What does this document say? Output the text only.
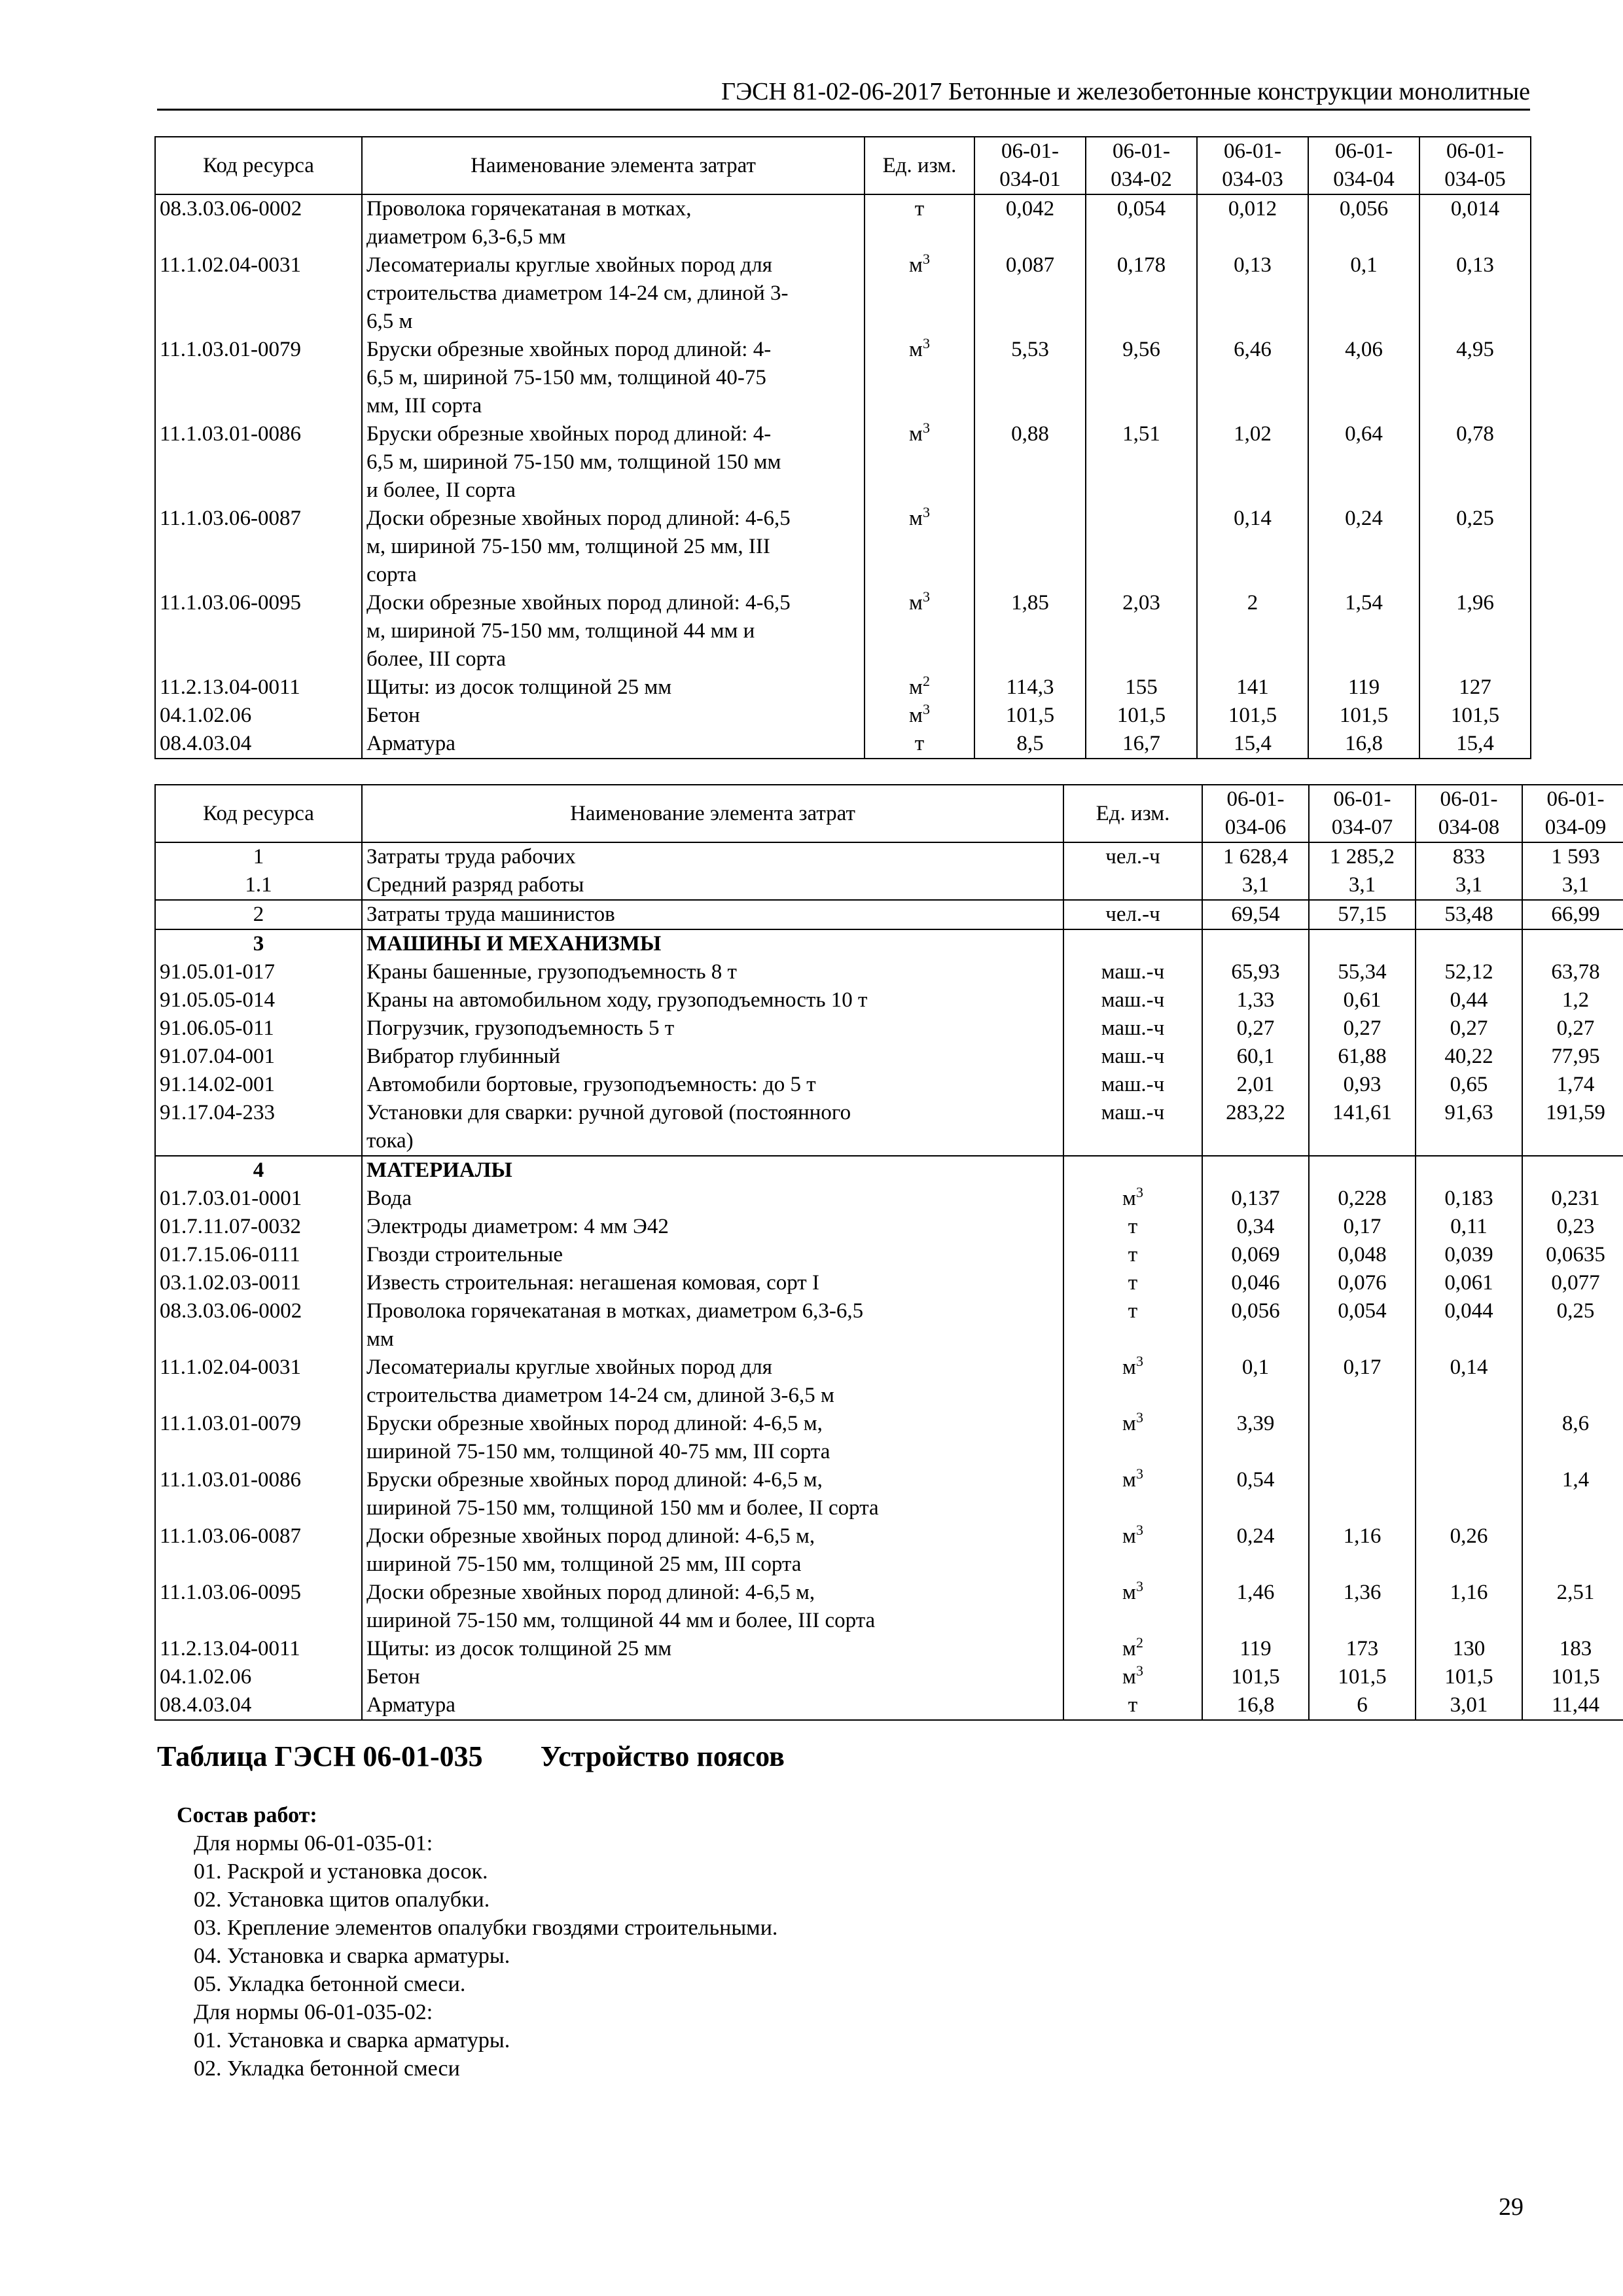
ГЭСН 81-02-06-2017 Бетонные и железобетонные конструкции монолитные
Код ресурса	Наименование элемента затрат	Ед. изм.	06-01-
034-01	06-01-
034-02	06-01-
034-03	06-01-
034-04	06-01-
034-05
08.3.03.06-0002	Проволока горячекатаная в мотках,
диаметром 6,3-6,5 мм	т	0,042	0,054	0,012	0,056	0,014
11.1.02.04-0031	Лесоматериалы круглые хвойных пород для
строительства диаметром 14-24 см, длиной 3-
6,5 м	$м^3$	0,087	0,178	0,13	0,1	0,13
11.1.03.01-0079	Бруски обрезные хвойных пород длиной: 4-
6,5 м, шириной 75-150 мм, толщиной 40-75
мм, III сорта	$м^3$	5,53	9,56	6,46	4,06	4,95
11.1.03.01-0086	Бруски обрезные хвойных пород длиной: 4-
6,5 м, шириной 75-150 мм, толщиной 150 мм
и более, II сорта	$м^3$	0,88	1,51	1,02	0,64	0,78
11.1.03.06-0087	Доски обрезные хвойных пород длиной: 4-6,5
м, шириной 75-150 мм, толщиной 25 мм, III
сорта	$м^3$			0,14	0,24	0,25
11.1.03.06-0095	Доски обрезные хвойных пород длиной: 4-6,5
м, шириной 75-150 мм, толщиной 44 мм и
более, III сорта	$м^3$	1,85	2,03	2	1,54	1,96
11.2.13.04-0011	Щиты: из досок толщиной 25 мм	$м^2$	114,3	155	141	119	127
04.1.02.06	Бетон	$м^3$	101,5	101,5	101,5	101,5	101,5
08.4.03.04	Арматура	т	8,5	16,7	15,4	16,8	15,4
Код ресурса	Наименование элемента затрат	Ед. изм.	06-01-
034-06	06-01-
034-07	06-01-
034-08	06-01-
034-09
1	Затраты труда рабочих	чел.-ч	1 628,4	1 285,2	833	1 593
1.1	Средний разряд работы		3,1	3,1	3,1	3,1
2	Затраты труда машинистов	чел.-ч	69,54	57,15	53,48	66,99
3	МАШИНЫ И МЕХАНИЗМЫ					
91.05.01-017	Краны башенные, грузоподъемность 8 т	маш.-ч	65,93	55,34	52,12	63,78
91.05.05-014	Краны на автомобильном ходу, грузоподъемность 10 т	маш.-ч	1,33	0,61	0,44	1,2
91.06.05-011	Погрузчик, грузоподъемность 5 т	маш.-ч	0,27	0,27	0,27	0,27
91.07.04-001	Вибратор глубинный	маш.-ч	60,1	61,88	40,22	77,95
91.14.02-001	Автомобили бортовые, грузоподъемность: до 5 т	маш.-ч	2,01	0,93	0,65	1,74
91.17.04-233	Установки для сварки: ручной дуговой (постоянного
тока)	маш.-ч	283,22	141,61	91,63	191,59
4	МАТЕРИАЛЫ					
01.7.03.01-0001	Вода	$м^3$	0,137	0,228	0,183	0,231
01.7.11.07-0032	Электроды диаметром: 4 мм Э42	т	0,34	0,17	0,11	0,23
01.7.15.06-0111	Гвозди строительные	т	0,069	0,048	0,039	0,0635
03.1.02.03-0011	Известь строительная: негашеная комовая, сорт I	т	0,046	0,076	0,061	0,077
08.3.03.06-0002	Проволока горячекатаная в мотках, диаметром 6,3-6,5
мм	т	0,056	0,054	0,044	0,25
11.1.02.04-0031	Лесоматериалы круглые хвойных пород для
строительства диаметром 14-24 см, длиной 3-6,5 м	$м^3$	0,1	0,17	0,14	
11.1.03.01-0079	Бруски обрезные хвойных пород длиной: 4-6,5 м,
шириной 75-150 мм, толщиной 40-75 мм, III сорта	$м^3$	3,39			8,6
11.1.03.01-0086	Бруски обрезные хвойных пород длиной: 4-6,5 м,
шириной 75-150 мм, толщиной 150 мм и более, II сорта	$м^3$	0,54			1,4
11.1.03.06-0087	Доски обрезные хвойных пород длиной: 4-6,5 м,
шириной 75-150 мм, толщиной 25 мм, III сорта	$м^3$	0,24	1,16	0,26	
11.1.03.06-0095	Доски обрезные хвойных пород длиной: 4-6,5 м,
шириной 75-150 мм, толщиной 44 мм и более, III сорта	$м^3$	1,46	1,36	1,16	2,51
11.2.13.04-0011	Щиты: из досок толщиной 25 мм	$м^2$	119	173	130	183
04.1.02.06	Бетон	$м^3$	101,5	101,5	101,5	101,5
08.4.03.04	Арматура	т	16,8	6	3,01	11,44
Таблица ГЭСН 06-01-035 Устройство поясов
Состав работ:
Для нормы 06-01-035-01:
01. Раскрой и установка досок.
02. Установка щитов опалубки.
03. Крепление элементов опалубки гвоздями строительными.
04. Установка и сварка арматуры.
05. Укладка бетонной смеси.
Для нормы 06-01-035-02:
01. Установка и сварка арматуры.
02. Укладка бетонной смеси
29
